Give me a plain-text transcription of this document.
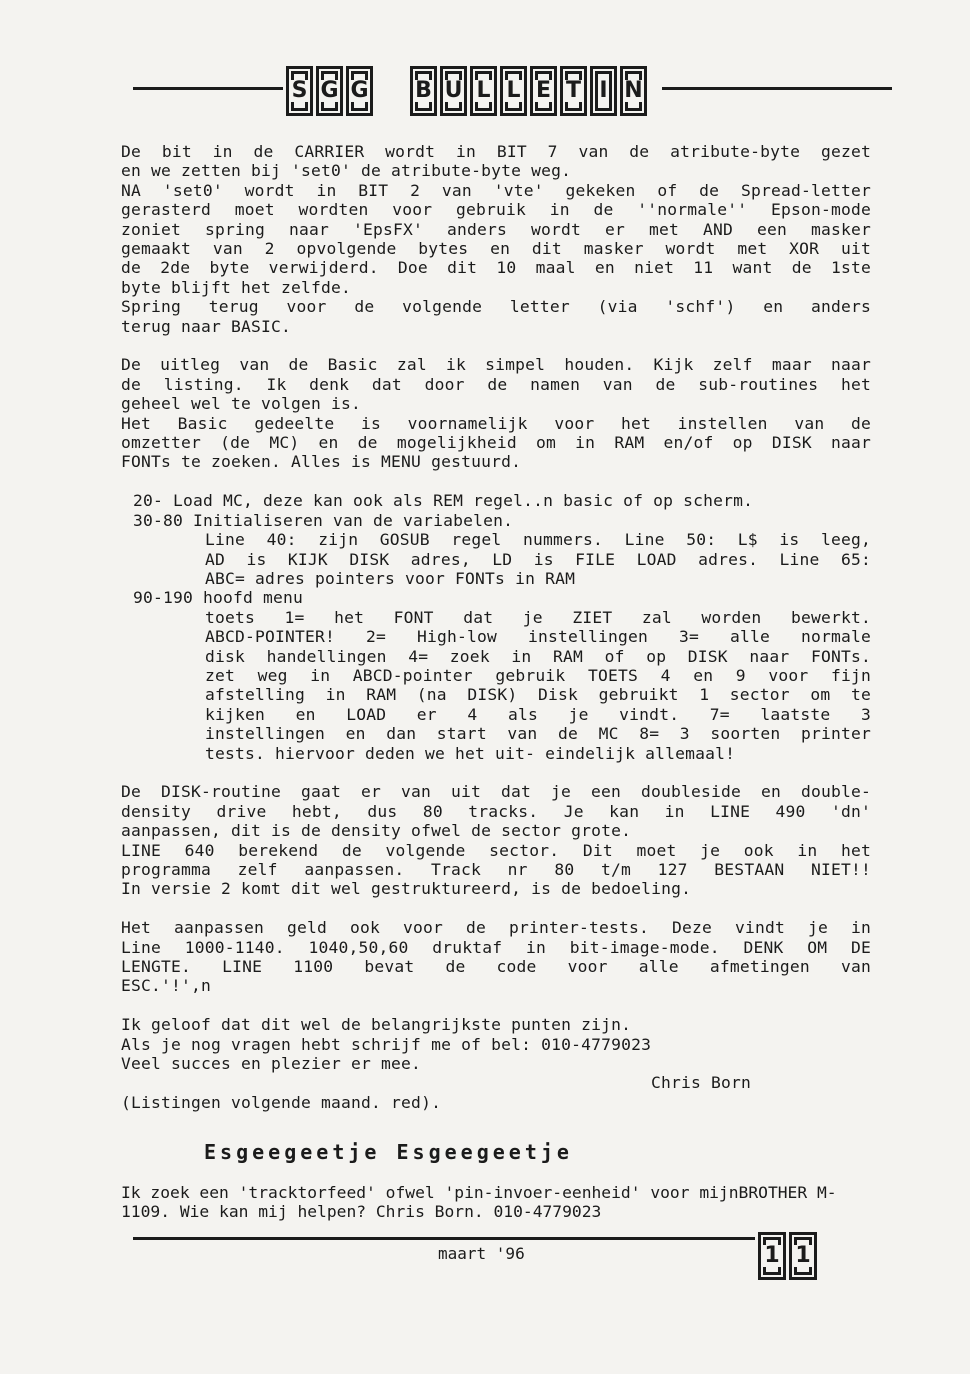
S G G B U L L E T I N

De bit in de CARRIER wordt in BIT 7 van de atribute-byte gezet
en we zetten bij 'set0' de atribute-byte weg.
NA 'set0' wordt in BIT 2 van 'vte' gekeken of de Spread-letter
gerasterd moet wordten voor gebruik in de ''normale'' Epson-mode
zoniet spring naar 'EpsFX' anders wordt er met AND een masker
gemaakt van 2 opvolgende bytes en dit masker wordt met XOR uit
de 2de byte verwijderd. Doe dit 10 maal en niet 11 want de 1ste
byte blijft het zelfde.
Spring terug voor de volgende letter (via 'schf') en anders
terug naar BASIC.

De uitleg van de Basic zal ik simpel houden. Kijk zelf maar naar
de listing. Ik denk dat door de namen van de sub-routines het
geheel wel te volgen is.
Het Basic gedeelte is voornamelijk voor het instellen van de
omzetter (de MC) en de mogelijkheid om in RAM en/of op DISK naar
FONTs te zoeken. Alles is MENU gestuurd.

20- Load MC, deze kan ook als REM regel..n basic of op scherm.
30-80 Initialiseren van de variabelen.
Line 40: zijn GOSUB regel nummers. Line 50: L$ is leeg,
AD is KIJK DISK adres, LD is FILE LOAD adres. Line 65:
ABC= adres pointers voor FONTs in RAM
90-190 hoofd menu
toets 1= het FONT dat je ZIET zal worden bewerkt.
ABCD-POINTER! 2= High-low instellingen 3= alle normale
disk handellingen 4= zoek in RAM of op DISK naar FONTs.
zet weg in ABCD-pointer gebruik TOETS 4 en 9 voor fijn
afstelling in RAM (na DISK) Disk gebruikt 1 sector om te
kijken en LOAD er 4 als je vindt. 7= laatste 3
instellingen en dan start van de MC 8= 3 soorten printer
tests. hiervoor deden we het uit- eindelijk allemaal!

De DISK-routine gaat er van uit dat je een doubleside en double-
density drive hebt, dus 80 tracks. Je kan in LINE 490 'dn'
aanpassen, dit is de density ofwel de sector grote.
LINE 640 berekend de volgende sector. Dit moet je ook in het
programma zelf aanpassen. Track nr 80 t/m 127 BESTAAN NIET!!
In versie 2 komt dit wel gestruktureerd, is de bedoeling.

Het aanpassen geld ook voor de printer-tests. Deze vindt je in
Line 1000-1140. 1040,50,60 druktaf in bit-image-mode. DENK OM DE
LENGTE. LINE 1100 bevat de code voor alle afmetingen van
ESC.'!',n

Ik geloof dat dit wel de belangrijkste punten zijn.
Als je nog vragen hebt schrijf me of bel: 010-4779023
Veel succes en plezier er mee.

Chris Born
(Listingen volgende maand. red).
Esgeegeetje Esgeegeetje
Ik zoek een 'tracktorfeed' ofwel 'pin-invoer-eenheid' voor mijnBROTHER M-1109. Wie kan mij helpen? Chris Born. 010-4779023
maart '96	1 1
